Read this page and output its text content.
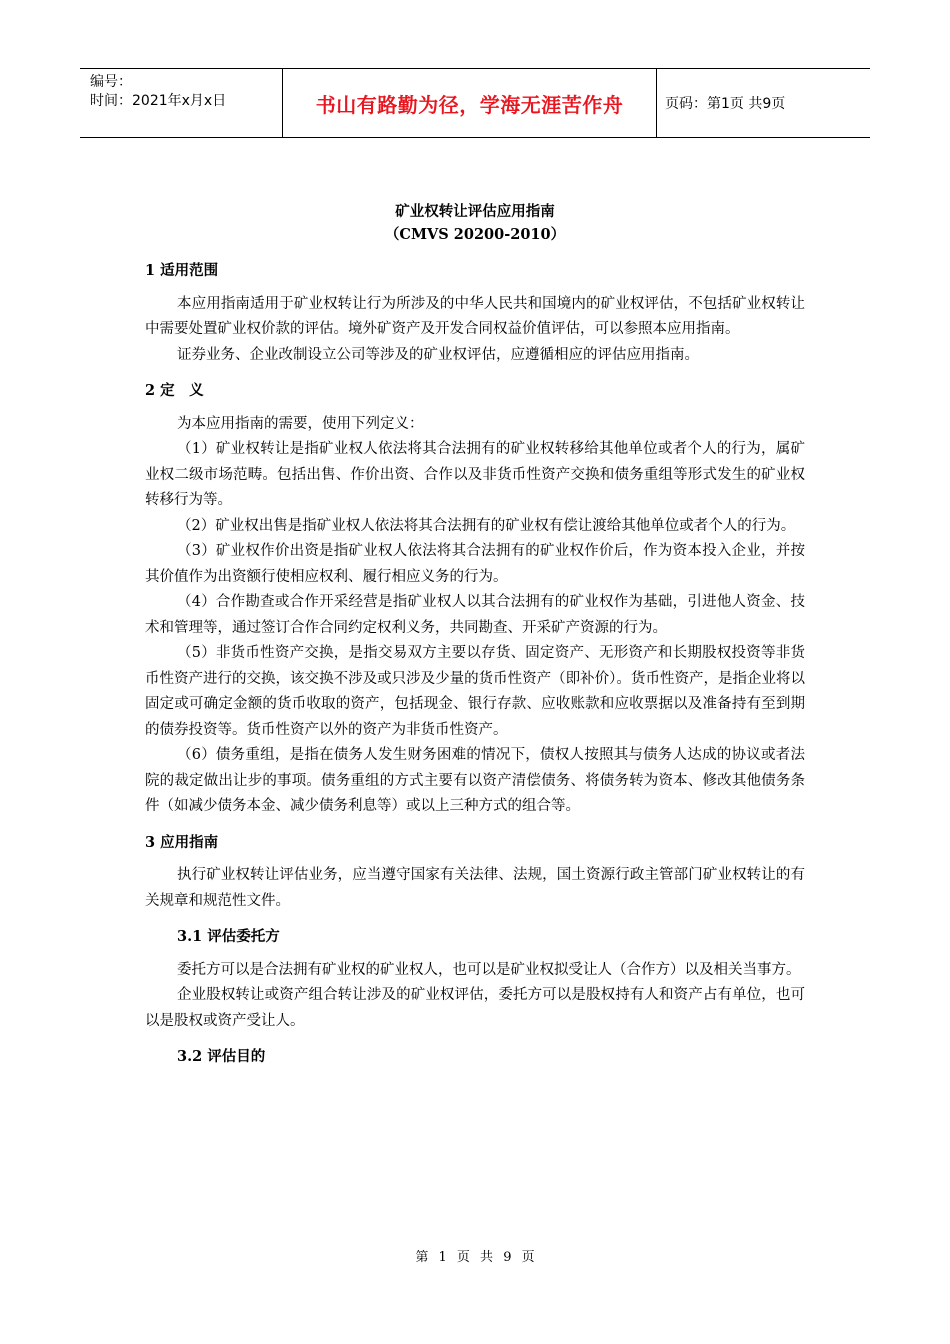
编号：
时间：2021年x月x日	书山有路勤为径，学海无涯苦作舟	页码：第1页 共9页
矿业权转让评估应用指南
（CMVS 20200-2010）
1 适用范围

本应用指南适用于矿业权转让行为所涉及的中华人民共和国境内的矿业权评估，不包括矿业权转让中需要处置矿业权价款的评估。境外矿资产及开发合同权益价值评估，可以参照本应用指南。

证券业务、企业改制设立公司等涉及的矿业权评估，应遵循相应的评估应用指南。

2 定　义

为本应用指南的需要，使用下列定义：

（1）矿业权转让是指矿业权人依法将其合法拥有的矿业权转移给其他单位或者个人的行为，属矿业权二级市场范畴。包括出售、作价出资、合作以及非货币性资产交换和债务重组等形式发生的矿业权转移行为等。

（2）矿业权出售是指矿业权人依法将其合法拥有的矿业权有偿让渡给其他单位或者个人的行为。

（3）矿业权作价出资是指矿业权人依法将其合法拥有的矿业权作价后，作为资本投入企业，并按其价值作为出资额行使相应权利、履行相应义务的行为。

（4）合作勘查或合作开采经营是指矿业权人以其合法拥有的矿业权作为基础，引进他人资金、技术和管理等，通过签订合作合同约定权利义务，共同勘查、开采矿产资源的行为。

（5）非货币性资产交换，是指交易双方主要以存货、固定资产、无形资产和长期股权投资等非货币性资产进行的交换，该交换不涉及或只涉及少量的货币性资产（即补价）。货币性资产，是指企业将以固定或可确定金额的货币收取的资产，包括现金、银行存款、应收账款和应收票据以及准备持有至到期的债券投资等。货币性资产以外的资产为非货币性资产。

（6）债务重组，是指在债务人发生财务困难的情况下，债权人按照其与债务人达成的协议或者法院的裁定做出让步的事项。债务重组的方式主要有以资产清偿债务、将债务转为资本、修改其他债务条件（如减少债务本金、减少债务利息等）或以上三种方式的组合等。

3 应用指南

执行矿业权转让评估业务，应当遵守国家有关法律、法规，国土资源行政主管部门矿业权转让的有关规章和规范性文件。

3.1 评估委托方

委托方可以是合法拥有矿业权的矿业权人，也可以是矿业权拟受让人（合作方）以及相关当事方。

企业股权转让或资产组合转让涉及的矿业权评估，委托方可以是股权持有人和资产占有单位，也可以是股权或资产受让人。

3.2 评估目的
第 1 页 共 9 页
